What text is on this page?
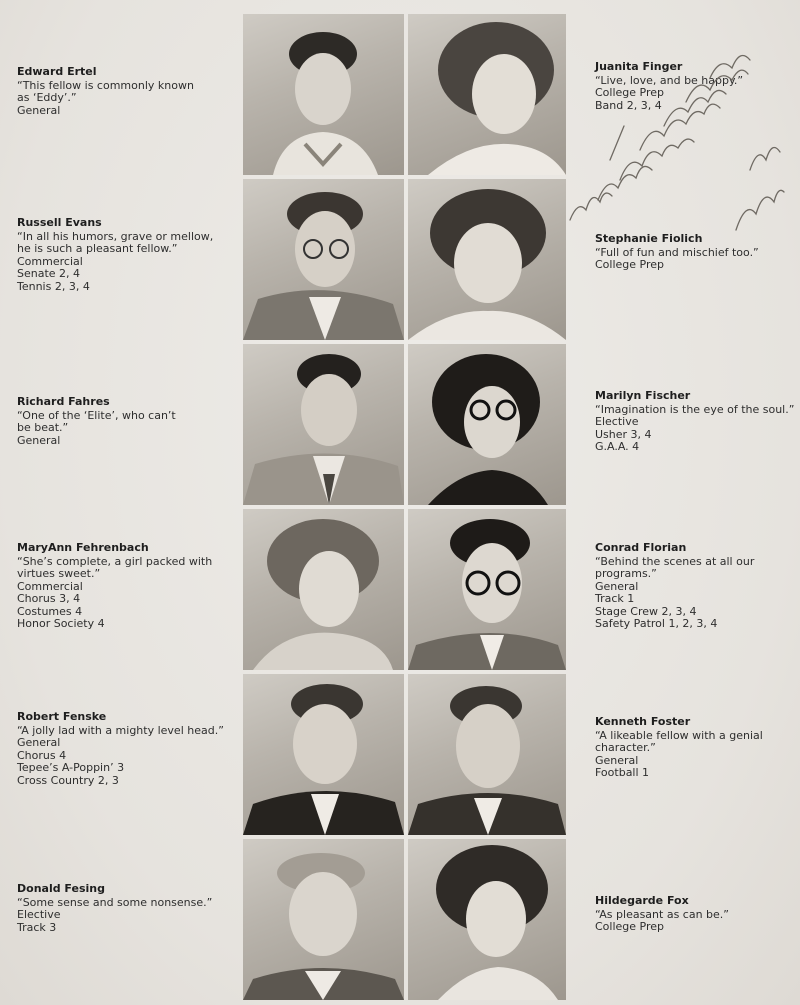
Edward Ertel
“This fellow is commonly known
as ‘Eddy’.”
General
Russell Evans
“In all his humors, grave or mellow,
he is such a pleasant fellow.”
Commercial
Senate 2, 4
Tennis 2, 3, 4
Richard Fahres
“One of the ‘Elite’, who can’t
be beat.”
General
MaryAnn Fehrenbach
“She’s complete, a girl packed with
virtues sweet.”
Commercial
Chorus 3, 4
Costumes 4
Honor Society 4
Robert Fenske
“A jolly lad with a mighty level head.”
General
Chorus 4
Tepee’s A-Poppin’ 3
Cross Country 2, 3
Donald Fesing
“Some sense and some nonsense.”
Elective
Track 3
Juanita Finger
“Live, love, and be happy.”
College Prep
Band 2, 3, 4
Stephanie Fiolich
“Full of fun and mischief too.”
College Prep
Marilyn Fischer
“Imagination is the eye of the soul.”
Elective
Usher 3, 4
G.A.A. 4
Conrad Florian
“Behind the scenes at all our
programs.”
General
Track 1
Stage Crew 2, 3, 4
Safety Patrol 1, 2, 3, 4
Kenneth Foster
“A likeable fellow with a genial
character.”
General
Football 1
Hildegarde Fox
“As pleasant as can be.”
College Prep
